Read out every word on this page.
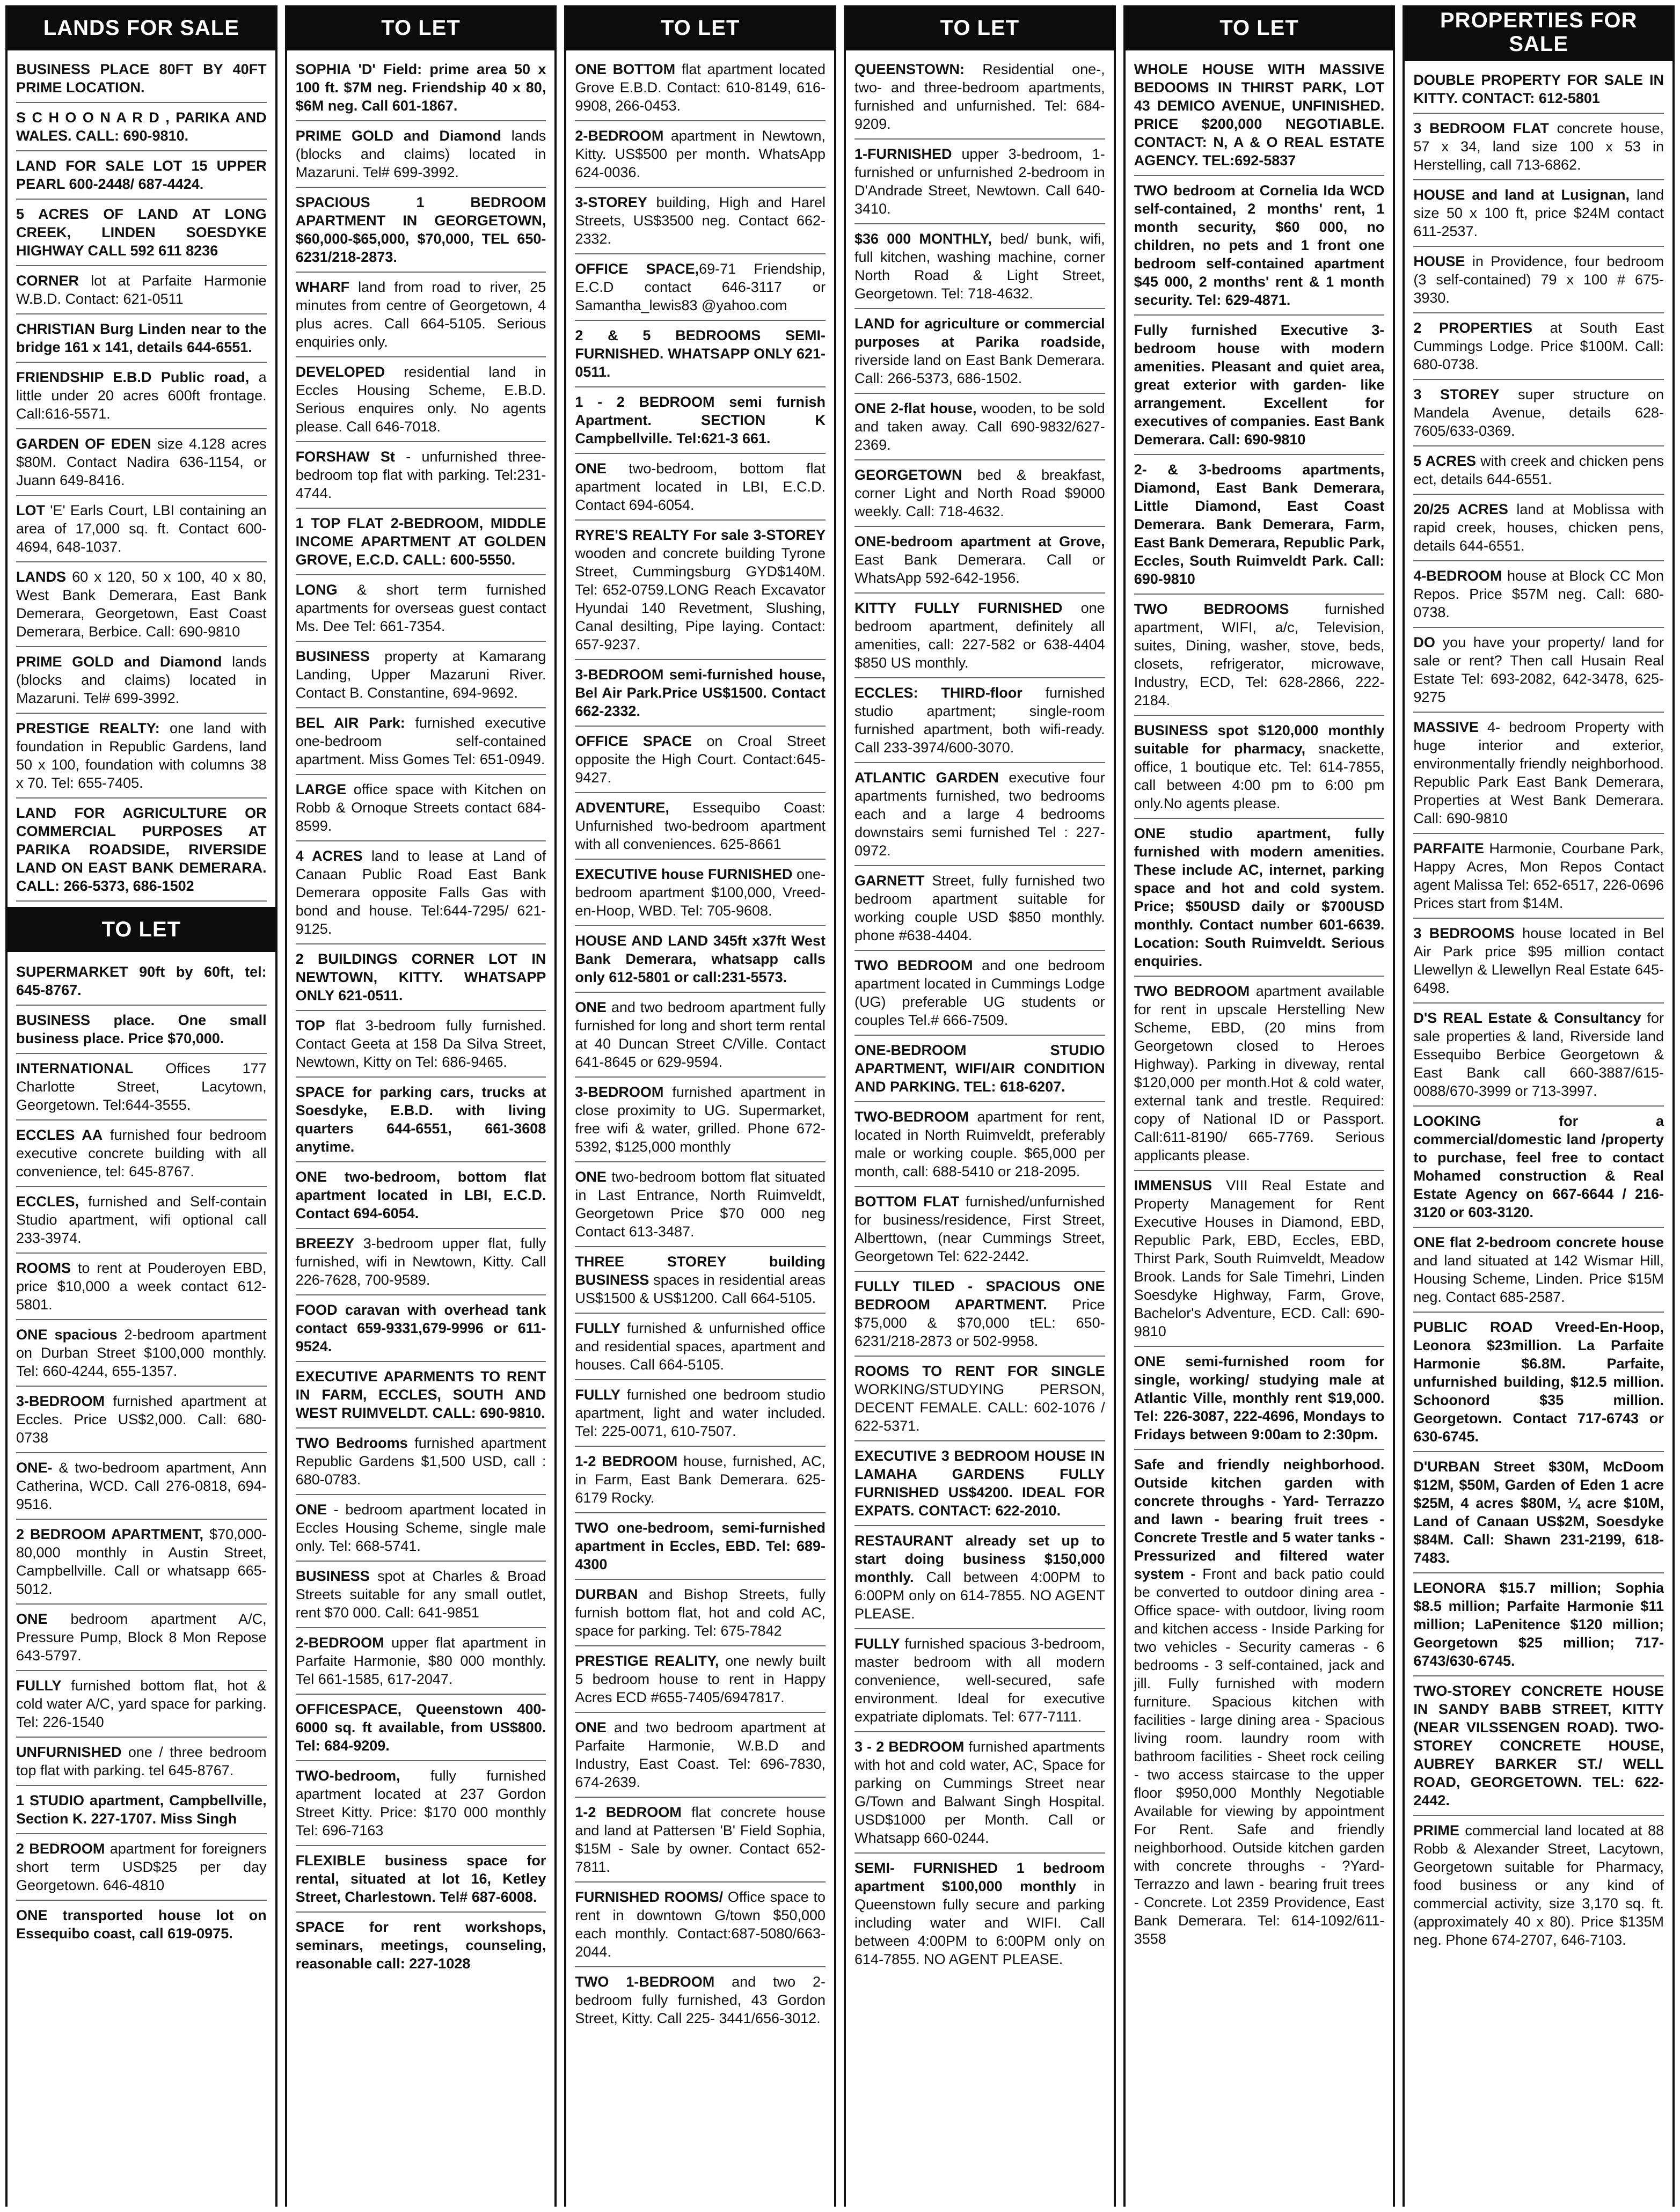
LANDS FOR SALE
BUSINESS PLACE 80FT BY 40FT PRIME LOCATION.
S C H O O N A R D , PARIKA AND WALES. CALL: 690-9810.
LAND FOR SALE LOT 15 UPPER PEARL 600-2448/ 687-4424.
5 ACRES OF LAND AT LONG CREEK, LINDEN SOESDYKE HIGHWAY CALL 592 611 8236
CORNER lot at Parfaite Harmonie W.B.D. Contact: 621-0511
CHRISTIAN Burg Linden near to the bridge 161 x 141, details 644-6551.
FRIENDSHIP E.B.D Public road, a little under 20 acres 600ft frontage. Call:616-5571.
GARDEN OF EDEN size 4.128 acres $80M. Contact Nadira 636-1154, or Juann 649-8416.
LOT 'E' Earls Court, LBI containing an area of 17,000 sq. ft. Contact 600-4694, 648-1037.
LANDS 60 x 120, 50 x 100, 40 x 80, West Bank Demerara, East Bank Demerara, Georgetown, East Coast Demerara, Berbice. Call: 690-9810
PRIME GOLD and Diamond lands (blocks and claims) located in Mazaruni. Tel# 699-3992.
PRESTIGE REALTY: one land with foundation in Republic Gardens, land 50 x 100, foundation with columns 38 x 70. Tel: 655-7405.
LAND FOR AGRICULTURE OR COMMERCIAL PURPOSES AT PARIKA ROADSIDE, RIVERSIDE LAND ON EAST BANK DEMERARA. CALL: 266-5373, 686-1502
TO LET
SUPERMARKET 90ft by 60ft, tel: 645-8767.
BUSINESS place. One small business place. Price $70,000.
INTERNATIONAL Offices 177 Charlotte Street, Lacytown, Georgetown. Tel:644-3555.
ECCLES AA furnished four bedroom executive concrete building with all convenience, tel: 645-8767.
ECCLES, furnished and Self-contain Studio apartment, wifi optional call 233-3974.
ROOMS to rent at Pouderoyen EBD, price $10,000 a week contact 612-5801.
ONE spacious 2-bedroom apartment on Durban Street $100,000 monthly. Tel: 660-4244, 655-1357.
3-BEDROOM furnished apartment at Eccles. Price US$2,000. Call: 680-0738
ONE- & two-bedroom apartment, Ann Catherina, WCD. Call 276-0818, 694-9516.
2 BEDROOM APARTMENT, $70,000-80,000 monthly in Austin Street, Campbellville. Call or whatsapp 665-5012.
ONE bedroom apartment A/C, Pressure Pump, Block 8 Mon Repose 643-5797.
FULLY furnished bottom flat, hot & cold water A/C, yard space for parking. Tel: 226-1540
UNFURNISHED one / three bedroom top flat with parking. tel 645-8767.
1 STUDIO apartment, Campbellville, Section K. 227-1707. Miss Singh
2 BEDROOM apartment for foreigners short term USD$25 per day Georgetown. 646-4810
ONE transported house lot on Essequibo coast, call 619-0975.
TO LET
SOPHIA 'D' Field: prime area 50 x 100 ft. $7M neg. Friendship 40 x 80, $6M neg. Call 601-1867.
PRIME GOLD and Diamond lands (blocks and claims) located in Mazaruni. Tel# 699-3992.
SPACIOUS 1 BEDROOM APARTMENT IN GEORGETOWN, $60,000-$65,000, $70,000, TEL 650-6231/218-2873.
WHARF land from road to river, 25 minutes from centre of Georgetown, 4 plus acres. Call 664-5105. Serious enquiries only.
DEVELOPED residential land in Eccles Housing Scheme, E.B.D. Serious enquires only. No agents please. Call 646-7018.
FORSHAW St - unfurnished three-bedroom top flat with parking. Tel:231-4744.
1 TOP FLAT 2-BEDROOM, MIDDLE INCOME APARTMENT AT GOLDEN GROVE, E.C.D. CALL: 600-5550.
LONG & short term furnished apartments for overseas guest contact Ms. Dee Tel: 661-7354.
BUSINESS property at Kamarang Landing, Upper Mazaruni River. Contact B. Constantine, 694-9692.
BEL AIR Park: furnished executive one-bedroom self-contained apartment. Miss Gomes Tel: 651-0949.
LARGE office space with Kitchen on Robb & Ornoque Streets contact 684-8599.
4 ACRES land to lease at Land of Canaan Public Road East Bank Demerara opposite Falls Gas with bond and house. Tel:644-7295/ 621-9125.
2 BUILDINGS CORNER LOT IN NEWTOWN, KITTY. WHATSAPP ONLY 621-0511.
TOP flat 3-bedroom fully furnished. Contact Geeta at 158 Da Silva Street, Newtown, Kitty on Tel: 686-9465.
SPACE for parking cars, trucks at Soesdyke, E.B.D. with living quarters 644-6551, 661-3608 anytime.
ONE two-bedroom, bottom flat apartment located in LBI, E.C.D. Contact 694-6054.
BREEZY 3-bedroom upper flat, fully furnished, wifi in Newtown, Kitty. Call 226-7628, 700-9589.
FOOD caravan with overhead tank contact 659-9331,679-9996 or 611-9524.
EXECUTIVE APARMENTS TO RENT IN FARM, ECCLES, SOUTH AND WEST RUIMVELDT. CALL: 690-9810.
TWO Bedrooms furnished apartment Republic Gardens $1,500 USD, call : 680-0783.
ONE - bedroom apartment located in Eccles Housing Scheme, single male only. Tel: 668-5741.
BUSINESS spot at Charles & Broad Streets suitable for any small outlet, rent $70 000. Call: 641-9851
2-BEDROOM upper flat apartment in Parfaite Harmonie, $80 000 monthly. Tel 661-1585, 617-2047.
OFFICESPACE, Queenstown 400-6000 sq. ft available, from US$800. Tel: 684-9209.
TWO-bedroom, fully furnished apartment located at 237 Gordon Street Kitty. Price: $170 000 monthly Tel: 696-7163
FLEXIBLE business space for rental, situated at lot 16, Ketley Street, Charlestown. Tel# 687-6008.
SPACE for rent workshops, seminars, meetings, counseling, reasonable call: 227-1028
TO LET
ONE BOTTOM flat apartment located Grove E.B.D. Contact: 610-8149, 616-9908, 266-0453.
2-BEDROOM apartment in Newtown, Kitty. US$500 per month. WhatsApp 624-0036.
3-STOREY building, High and Harel Streets, US$3500 neg. Contact 662-2332.
OFFICE SPACE,69-71 Friendship, E.C.D contact 646-3117 or Samantha_lewis83 @yahoo.com
2 & 5 BEDROOMS SEMI-FURNISHED. WHATSAPP ONLY 621-0511.
1 - 2 BEDROOM semi furnish Apartment. SECTION K Campbellville. Tel:621-3 661.
ONE two-bedroom, bottom flat apartment located in LBI, E.C.D. Contact 694-6054.
RYRE'S REALTY For sale 3-STOREY wooden and concrete building Tyrone Street, Cummingsburg GYD$140M. Tel: 652-0759.LONG Reach Excavator Hyundai 140 Revetment, Slushing, Canal desilting, Pipe laying. Contact: 657-9237.
3-BEDROOM semi-furnished house, Bel Air Park.Price US$1500. Contact 662-2332.
OFFICE SPACE on Croal Street opposite the High Court. Contact:645-9427.
ADVENTURE, Essequibo Coast: Unfurnished two-bedroom apartment with all conveniences. 625-8661
EXECUTIVE house FURNISHED one-bedroom apartment $100,000, Vreed-en-Hoop, WBD. Tel: 705-9608.
HOUSE AND LAND 345ft x37ft West Bank Demerara, whatsapp calls only 612-5801 or call:231-5573.
ONE and two bedroom apartment fully furnished for long and short term rental at 40 Duncan Street C/Ville. Contact 641-8645 or 629-9594.
3-BEDROOM furnished apartment in close proximity to UG. Supermarket, free wifi & water, grilled. Phone 672-5392, $125,000 monthly
ONE two-bedroom bottom flat situated in Last Entrance, North Ruimveldt, Georgetown Price $70 000 neg Contact 613-3487.
THREE STOREY building BUSINESS spaces in residential areas US$1500 & US$1200. Call 664-5105.
FULLY furnished & unfurnished office and residential spaces, apartment and houses. Call 664-5105.
FULLY furnished one bedroom studio apartment, light and water included. Tel: 225-0071, 610-7507.
1-2 BEDROOM house, furnished, AC, in Farm, East Bank Demerara. 625-6179 Rocky.
TWO one-bedroom, semi-furnished apartment in Eccles, EBD. Tel: 689-4300
DURBAN and Bishop Streets, fully furnish bottom flat, hot and cold AC, space for parking. Tel: 675-7842
PRESTIGE REALITY, one newly built 5 bedroom house to rent in Happy Acres ECD #655-7405/6947817.
ONE and two bedroom apartment at Parfaite Harmonie, W.B.D and Industry, East Coast. Tel: 696-7830, 674-2639.
1-2 BEDROOM flat concrete house and land at Pattersen 'B' Field Sophia, $15M - Sale by owner. Contact 652-7811.
FURNISHED ROOMS/ Office space to rent in downtown G/town $50,000 each monthly. Contact:687-5080/663-2044.
TWO 1-BEDROOM and two 2-bedroom fully furnished, 43 Gordon Street, Kitty. Call 225- 3441/656-3012.
TO LET
QUEENSTOWN: Residential one-, two- and three-bedroom apartments, furnished and unfurnished. Tel: 684-9209.
1-FURNISHED upper 3-bedroom, 1-furnished or unfurnished 2-bedroom in D'Andrade Street, Newtown. Call 640-3410.
$36 000 MONTHLY, bed/ bunk, wifi, full kitchen, washing machine, corner North Road & Light Street, Georgetown. Tel: 718-4632.
LAND for agriculture or commercial purposes at Parika roadside, riverside land on East Bank Demerara. Call: 266-5373, 686-1502.
ONE 2-flat house, wooden, to be sold and taken away. Call 690-9832/627-2369.
GEORGETOWN bed & breakfast, corner Light and North Road $9000 weekly. Call: 718-4632.
ONE-bedroom apartment at Grove, East Bank Demerara. Call or WhatsApp 592-642-1956.
KITTY FULLY FURNISHED one bedroom apartment, definitely all amenities, call: 227-582 or 638-4404 $850 US monthly.
ECCLES: THIRD-floor furnished studio apartment; single-room furnished apartment, both wifi-ready. Call 233-3974/600-3070.
ATLANTIC GARDEN executive four apartments furnished, two bedrooms each and a large 4 bedrooms downstairs semi furnished Tel : 227-0972.
GARNETT Street, fully furnished two bedroom apartment suitable for working couple USD $850 monthly. phone #638-4404.
TWO BEDROOM and one bedroom apartment located in Cummings Lodge (UG) preferable UG students or couples Tel.# 666-7509.
ONE-BEDROOM STUDIO APARTMENT, WIFI/AIR CONDITION AND PARKING. TEL: 618-6207.
TWO-BEDROOM apartment for rent, located in North Ruimveldt, preferably male or working couple. $65,000 per month, call: 688-5410 or 218-2095.
BOTTOM FLAT furnished/unfurnished for business/residence, First Street, Alberttown, (near Cummings Street, Georgetown Tel: 622-2442.
FULLY TILED - SPACIOUS ONE BEDROOM APARTMENT. Price $75,000 & $70,000 tEL: 650-6231/218-2873 or 502-9958.
ROOMS TO RENT FOR SINGLE WORKING/STUDYING PERSON, DECENT FEMALE. CALL: 602-1076 / 622-5371.
EXECUTIVE 3 BEDROOM HOUSE IN LAMAHA GARDENS FULLY FURNISHED US$4200. IDEAL FOR EXPATS. CONTACT: 622-2010.
RESTAURANT already set up to start doing business $150,000 monthly. Call between 4:00PM to 6:00PM only on 614-7855. NO AGENT PLEASE.
FULLY furnished spacious 3-bedroom, master bedroom with all modern convenience, well-secured, safe environment. Ideal for executive expatriate diplomats. Tel: 677-7111.
3 - 2 BEDROOM furnished apartments with hot and cold water, AC, Space for parking on Cummings Street near G/Town and Balwant Singh Hospital. USD$1000 per Month. Call or Whatsapp 660-0244.
SEMI- FURNISHED 1 bedroom apartment $100,000 monthly in Queenstown fully secure and parking including water and WIFI. Call between 4:00PM to 6:00PM only on 614-7855. NO AGENT PLEASE.
TO LET
WHOLE HOUSE WITH MASSIVE BEDOOMS IN THIRST PARK, LOT 43 DEMICO AVENUE, UNFINISHED. PRICE $200,000 NEGOTIABLE. CONTACT: N, A & O REAL ESTATE AGENCY. TEL:692-5837
TWO bedroom at Cornelia Ida WCD self-contained, 2 months' rent, 1 month security, $60 000, no children, no pets and 1 front one bedroom self-contained apartment $45 000, 2 months' rent & 1 month security. Tel: 629-4871.
Fully furnished Executive 3- bedroom house with modern amenities. Pleasant and quiet area, great exterior with garden- like arrangement. Excellent for executives of companies. East Bank Demerara. Call: 690-9810
2- & 3-bedrooms apartments, Diamond, East Bank Demerara, Little Diamond, East Coast Demerara. Bank Demerara, Farm, East Bank Demerara, Republic Park, Eccles, South Ruimveldt Park. Call: 690-9810
TWO BEDROOMS furnished apartment, WIFI, a/c, Television, suites, Dining, washer, stove, beds, closets, refrigerator, microwave, Industry, ECD, Tel: 628-2866, 222-2184.
BUSINESS spot $120,000 monthly suitable for pharmacy, snackette, office, 1 boutique etc. Tel: 614-7855, call between 4:00 pm to 6:00 pm only.No agents please.
ONE studio apartment, fully furnished with modern amenities. These include AC, internet, parking space and hot and cold system. Price; $50USD daily or $700USD monthly. Contact number 601-6639. Location: South Ruimveldt. Serious enquiries.
TWO BEDROOM apartment available for rent in upscale Herstelling New Scheme, EBD, (20 mins from Georgetown closed to Heroes Highway). Parking in diveway, rental $120,000 per month.Hot & cold water, external tank and trestle. Required: copy of National ID or Passport. Call:611-8190/ 665-7769. Serious applicants please.
IMMENSUS VIII Real Estate and Property Management for Rent Executive Houses in Diamond, EBD, Republic Park, EBD, Eccles, EBD, Thirst Park, South Ruimveldt, Meadow Brook. Lands for Sale Timehri, Linden Soesdyke Highway, Farm, Grove, Bachelor's Adventure, ECD. Call: 690-9810
ONE semi-furnished room for single, working/ studying male at Atlantic Ville, monthly rent $19,000. Tel: 226-3087, 222-4696, Mondays to Fridays between 9:00am to 2:30pm.
Safe and friendly neighborhood. Outside kitchen garden with concrete throughs - Yard- Terrazzo and lawn - bearing fruit trees - Concrete Trestle and 5 water tanks - Pressurized and filtered water system - Front and back patio could be converted to outdoor dining area - Office space- with outdoor, living room and kitchen access - Inside Parking for two vehicles - Security cameras - 6 bedrooms - 3 self-contained, jack and jill. Fully furnished with modern furniture. Spacious kitchen with facilities - large dining area - Spacious living room. laundry room with bathroom facilities - Sheet rock ceiling - two access staircase to the upper floor $950,000 Monthly Negotiable Available for viewing by appointment For Rent. Safe and friendly neighborhood. Outside kitchen garden with concrete throughs - ?Yard- Terrazzo and lawn - bearing fruit trees - Concrete. Lot 2359 Providence, East Bank Demerara. Tel: 614-1092/611-3558
PROPERTIES FOR SALE
DOUBLE PROPERTY FOR SALE IN KITTY. CONTACT: 612-5801
3 BEDROOM FLAT concrete house, 57 x 34, land size 100 x 53 in Herstelling, call 713-6862.
HOUSE and land at Lusignan, land size 50 x 100 ft, price $24M contact 611-2537.
HOUSE in Providence, four bedroom (3 self-contained) 79 x 100 # 675-3930.
2 PROPERTIES at South East Cummings Lodge. Price $100M. Call: 680-0738.
3 STOREY super structure on Mandela Avenue, details 628-7605/633-0369.
5 ACRES with creek and chicken pens ect, details 644-6551.
20/25 ACRES land at Moblissa with rapid creek, houses, chicken pens, details 644-6551.
4-BEDROOM house at Block CC Mon Repos. Price $57M neg. Call: 680-0738.
DO you have your property/ land for sale or rent? Then call Husain Real Estate Tel: 693-2082, 642-3478, 625-9275
MASSIVE 4- bedroom Property with huge interior and exterior, environmentally friendly neighborhood. Republic Park East Bank Demerara, Properties at West Bank Demerara. Call: 690-9810
PARFAITE Harmonie, Courbane Park, Happy Acres, Mon Repos Contact agent Malissa Tel: 652-6517, 226-0696 Prices start from $14M.
3 BEDROOMS house located in Bel Air Park price $95 million contact Llewellyn & Llewellyn Real Estate 645-6498.
D'S REAL Estate & Consultancy for sale properties & land, Riverside land Essequibo Berbice Georgetown & East Bank call 660-3887/615-0088/670-3999 or 713-3997.
LOOKING for a commercial/domestic land /property to purchase, feel free to contact Mohamed construction & Real Estate Agency on 667-6644 / 216-3120 or 603-3120.
ONE flat 2-bedroom concrete house and land situated at 142 Wismar Hill, Housing Scheme, Linden. Price $15M neg. Contact 685-2587.
PUBLIC ROAD Vreed-En-Hoop, Leonora $23million. La Parfaite Harmonie $6.8M. Parfaite, unfurnished building, $12.5 million. Schoonord $35 million. Georgetown. Contact 717-6743 or 630-6745.
D'URBAN Street $30M, McDoom $12M, $50M, Garden of Eden 1 acre $25M, 4 acres $80M, ¼ acre $10M, Land of Canaan US$2M, Soesdyke $84M. Call: Shawn 231-2199, 618-7483.
LEONORA $15.7 million; Sophia $8.5 million; Parfaite Harmonie $11 million; LaPenitence $120 million; Georgetown $25 million; 717-6743/630-6745.
TWO-STOREY CONCRETE HOUSE IN SANDY BABB STREET, KITTY (NEAR VILSSENGEN ROAD). TWO-STOREY CONCRETE HOUSE, AUBREY BARKER ST./ WELL ROAD, GEORGETOWN. TEL: 622-2442.
PRIME commercial land located at 88 Robb & Alexander Street, Lacytown, Georgetown suitable for Pharmacy, food business or any kind of commercial activity, size 3,170 sq. ft. (approximately 40 x 80). Price $135M neg. Phone 674-2707, 646-7103.
